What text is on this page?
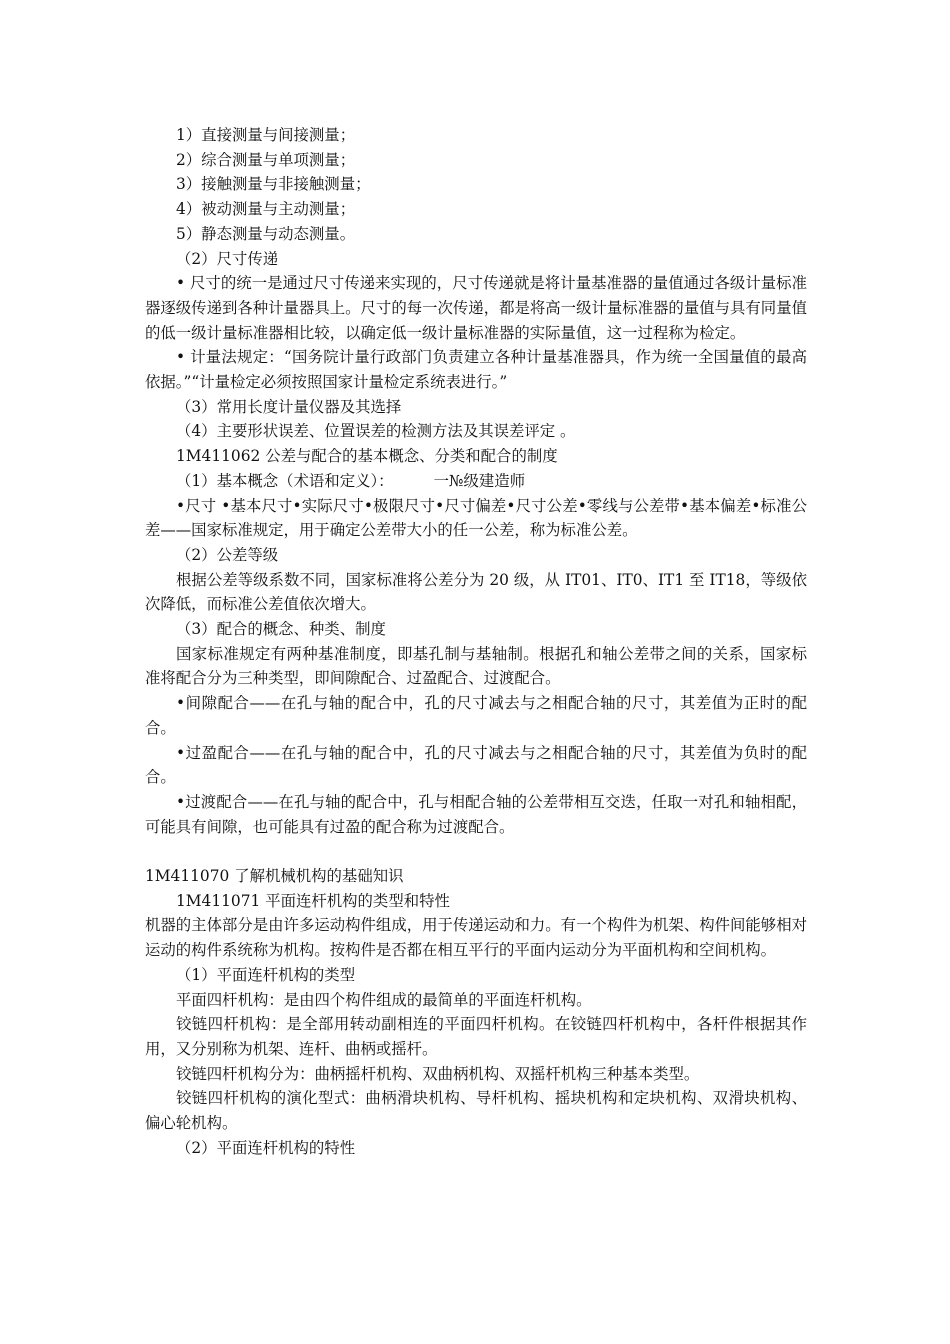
1）直接测量与间接测量；

2）综合测量与单项测量；

3）接触测量与非接触测量；

4）被动测量与主动测量；

5）静态测量与动态测量。

（2）尺寸传递

• 尺寸的统一是通过尺寸传递来实现的，尺寸传递就是将计量基准器的量值通过各级计量标准器逐级传递到各种计量器具上。尺寸的每一次传递，都是将高一级计量标准器的量值与具有同量值的低一级计量标准器相比较，以确定低一级计量标准器的实际量值，这一过程称为检定。

• 计量法规定：“国务院计量行政部门负责建立各种计量基准器具，作为统一全国量值的最高依据。”“计量检定必须按照国家计量检定系统表进行。”

（3）常用长度计量仪器及其选择

（4）主要形状误差、位置误差的检测方法及其误差评定 。

1M411062 公差与配合的基本概念、分类和配合的制度

（1）基本概念（术语和定义）：	一№级建造师

•尺寸 •基本尺寸•实际尺寸•极限尺寸•尺寸偏差•尺寸公差•零线与公差带•基本偏差•标准公差——国家标准规定，用于确定公差带大小的任一公差，称为标准公差。

（2）公差等级

根据公差等级系数不同，国家标准将公差分为 20 级，从 IT01、IT0、IT1 至 IT18，等级依次降低，而标准公差值依次增大。

（3）配合的概念、种类、制度

国家标准规定有两种基准制度，即基孔制与基轴制。根据孔和轴公差带之间的关系，国家标准将配合分为三种类型，即间隙配合、过盈配合、过渡配合。

•间隙配合——在孔与轴的配合中，孔的尺寸减去与之相配合轴的尺寸，其差值为正时的配合。

•过盈配合——在孔与轴的配合中，孔的尺寸减去与之相配合轴的尺寸，其差值为负时的配合。

•过渡配合——在孔与轴的配合中，孔与相配合轴的公差带相互交迭，任取一对孔和轴相配，可能具有间隙，也可能具有过盈的配合称为过渡配合。

1M411070 了解机械机构的基础知识

1M411071 平面连杆机构的类型和特性

机器的主体部分是由许多运动构件组成，用于传递运动和力。有一个构件为机架、构件间能够相对运动的构件系统称为机构。按构件是否都在相互平行的平面内运动分为平面机构和空间机构。

（1）平面连杆机构的类型

平面四杆机构：是由四个构件组成的最简单的平面连杆机构。

铰链四杆机构：是全部用转动副相连的平面四杆机构。在铰链四杆机构中，各杆件根据其作用，又分别称为机架、连杆、曲柄或摇杆。

铰链四杆机构分为：曲柄摇杆机构、双曲柄机构、双摇杆机构三种基本类型。

铰链四杆机构的演化型式：曲柄滑块机构、导杆机构、摇块机构和定块机构、双滑块机构、偏心轮机构。

（2）平面连杆机构的特性
